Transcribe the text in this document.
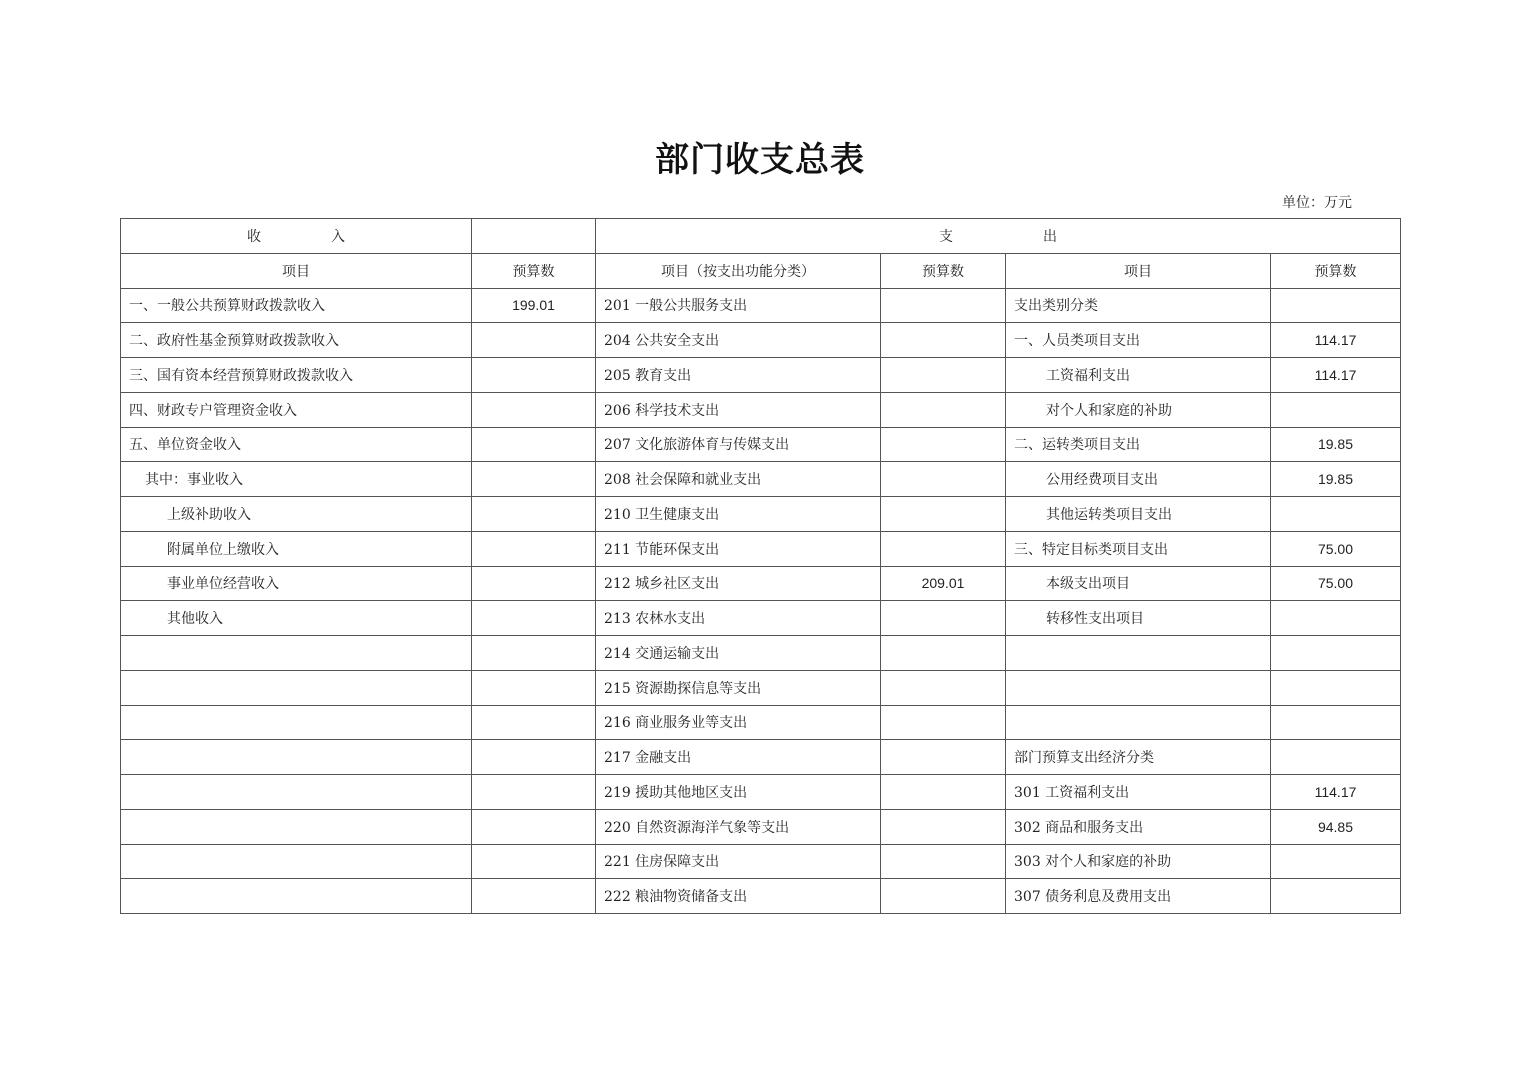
部门收支总表
单位：万元
收 入		支 出			
项目	预算数	项目（按支出功能分类）	预算数	项目	预算数
一、一般公共预算财政拨款收入	199.01	201 一般公共服务支出		支出类别分类	
二、政府性基金预算财政拨款收入		204 公共安全支出		一、人员类项目支出	114.17
三、国有资本经营预算财政拨款收入		205 教育支出		工资福利支出	114.17
四、财政专户管理资金收入		206 科学技术支出		对个人和家庭的补助	
五、单位资金收入		207 文化旅游体育与传媒支出		二、运转类项目支出	19.85
其中：事业收入		208 社会保障和就业支出		公用经费项目支出	19.85
上级补助收入		210 卫生健康支出		其他运转类项目支出	
附属单位上缴收入		211 节能环保支出		三、特定目标类项目支出	75.00
事业单位经营收入		212 城乡社区支出	209.01	本级支出项目	75.00
其他收入		213 农林水支出		转移性支出项目	
		214 交通运输支出			
		215 资源勘探信息等支出			
		216 商业服务业等支出			
		217 金融支出		部门预算支出经济分类	
		219 援助其他地区支出		301 工资福利支出	114.17
		220 自然资源海洋气象等支出		302 商品和服务支出	94.85
		221 住房保障支出		303 对个人和家庭的补助	
		222 粮油物资储备支出		307 债务利息及费用支出	
